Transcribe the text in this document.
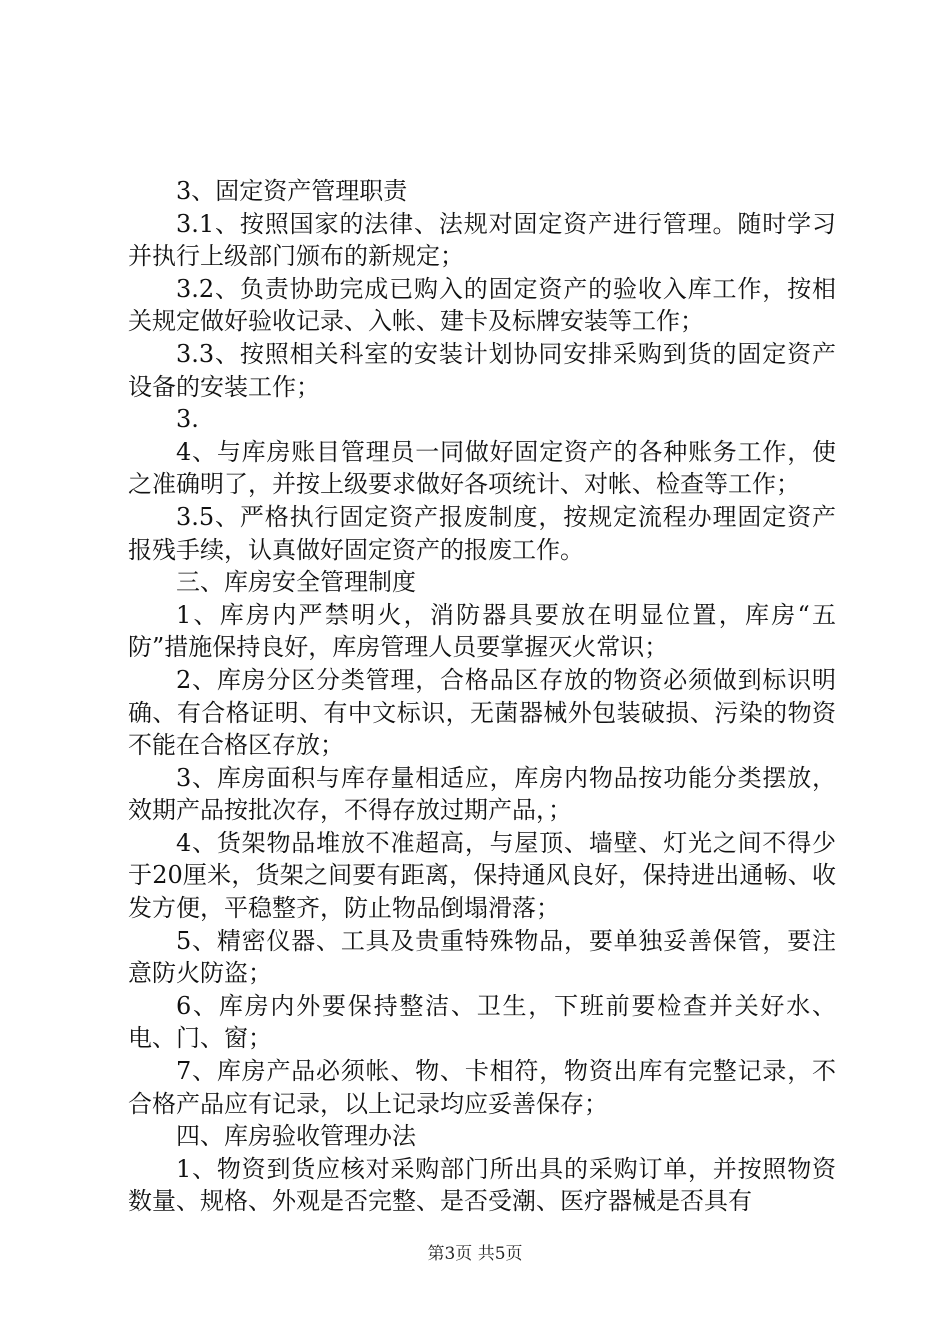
3、固定资产管理职责

3.1、按照国家的法律、法规对固定资产进行管理。随时学习并执行上级部门颁布的新规定；

3.2、负责协助完成已购入的固定资产的验收入库工作，按相关规定做好验收记录、入帐、建卡及标牌安装等工作；

3.3、按照相关科室的安装计划协同安排采购到货的固定资产设备的安装工作；

3.

4、与库房账目管理员一同做好固定资产的各种账务工作，使之准确明了，并按上级要求做好各项统计、对帐、检查等工作；

3.5、严格执行固定资产报废制度，按规定流程办理固定资产报残手续，认真做好固定资产的报废工作。

三、库房安全管理制度

1、库房内严禁明火，消防器具要放在明显位置，库房“五防”措施保持良好，库房管理人员要掌握灭火常识；

2、库房分区分类管理，合格品区存放的物资必须做到标识明确、有合格证明、有中文标识，无菌器械外包装破损、污染的物资不能在合格区存放；

3、库房面积与库存量相适应，库房内物品按功能分类摆放，效期产品按批次存，不得存放过期产品，；

4、货架物品堆放不准超高，与屋顶、墙壁、灯光之间不得少于20厘米，货架之间要有距离，保持通风良好，保持进出通畅、收发方便，平稳整齐，防止物品倒塌滑落；

5、精密仪器、工具及贵重特殊物品，要单独妥善保管，要注意防火防盗；

6、库房内外要保持整洁、卫生，下班前要检查并关好水、电、门、窗；

7、库房产品必须帐、物、卡相符，物资出库有完整记录，不合格产品应有记录，以上记录均应妥善保存；

四、库房验收管理办法

1、物资到货应核对采购部门所出具的采购订单，并按照物资数量、规格、外观是否完整、是否受潮、医疗器械是否具有

第3页 共5页
